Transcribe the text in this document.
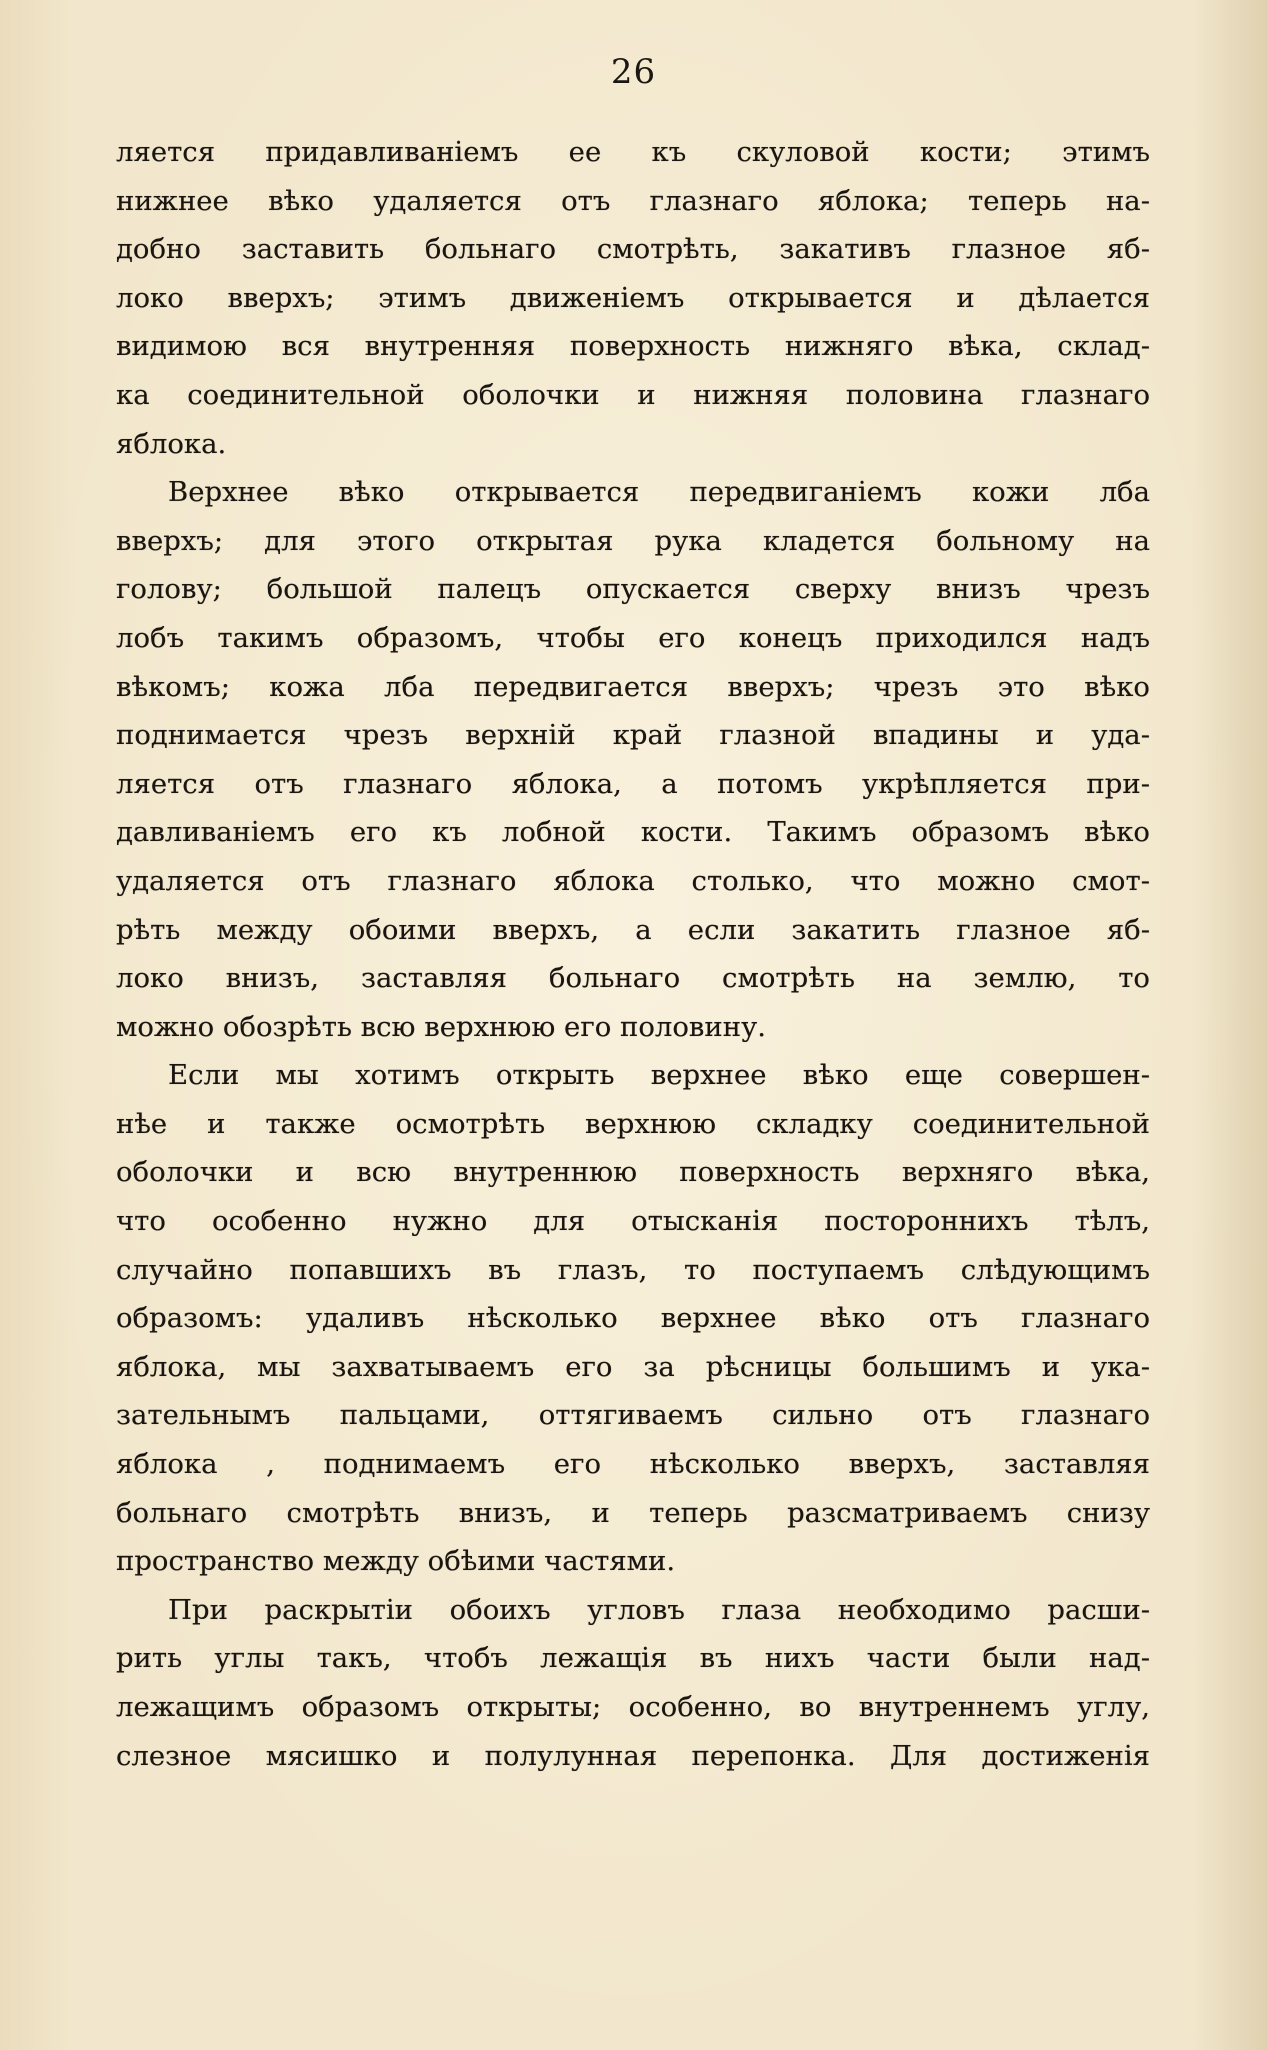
26
ляется придавливанiемъ ее къ скуловой кости; этимъ
нижнее вѣко удаляется отъ глазнаго яблока; теперь на-
добно заставить больнаго смотрѣть, закативъ глазное яб-
локо вверхъ; этимъ движенiемъ открывается и дѣлается
видимою вся внутренняя поверхность нижняго вѣка, склад-
ка соединительной оболочки и нижняя половина глазнаго
яблока.
Верхнее вѣко открывается передвиганiемъ кожи лба
вверхъ; для этого открытая рука кладется больному на
голову; большой палецъ опускается сверху внизъ чрезъ
лобъ такимъ образомъ, чтобы его конецъ приходился надъ
вѣкомъ; кожа лба передвигается вверхъ; чрезъ это вѣко
поднимается чрезъ верхнiй край глазной впадины и уда-
ляется отъ глазнаго яблока, а потомъ укрѣпляется при-
давливанiемъ его къ лобной кости. Такимъ образомъ вѣко
удаляется отъ глазнаго яблока столько, что можно смот-
рѣть между обоими вверхъ, а если закатить глазное яб-
локо внизъ, заставляя больнаго смотрѣть на землю, то
можно обозрѣть всю верхнюю его половину.
Если мы хотимъ открыть верхнее вѣко еще совершен-
нѣе и также осмотрѣть верхнюю складку соединительной
оболочки и всю внутреннюю поверхность верхняго вѣка,
что особенно нужно для отысканiя постороннихъ тѣлъ,
случайно попавшихъ въ глазъ, то поступаемъ слѣдующимъ
образомъ: удаливъ нѣсколько верхнее вѣко отъ глазнаго
яблока, мы захватываемъ его за рѣсницы большимъ и ука-
зательнымъ пальцами, оттягиваемъ сильно отъ глазнаго
яблока , поднимаемъ его нѣсколько вверхъ, заставляя
больнаго смотрѣть внизъ, и теперь разсматриваемъ снизу
пространство между обѣими частями.
При раскрытiи обоихъ угловъ глаза необходимо расши-
рить углы такъ, чтобъ лежащiя въ нихъ части были над-
лежащимъ образомъ открыты; особенно, во внутреннемъ углу,
слезное мясишко и полулунная перепонка. Для достиженiя
